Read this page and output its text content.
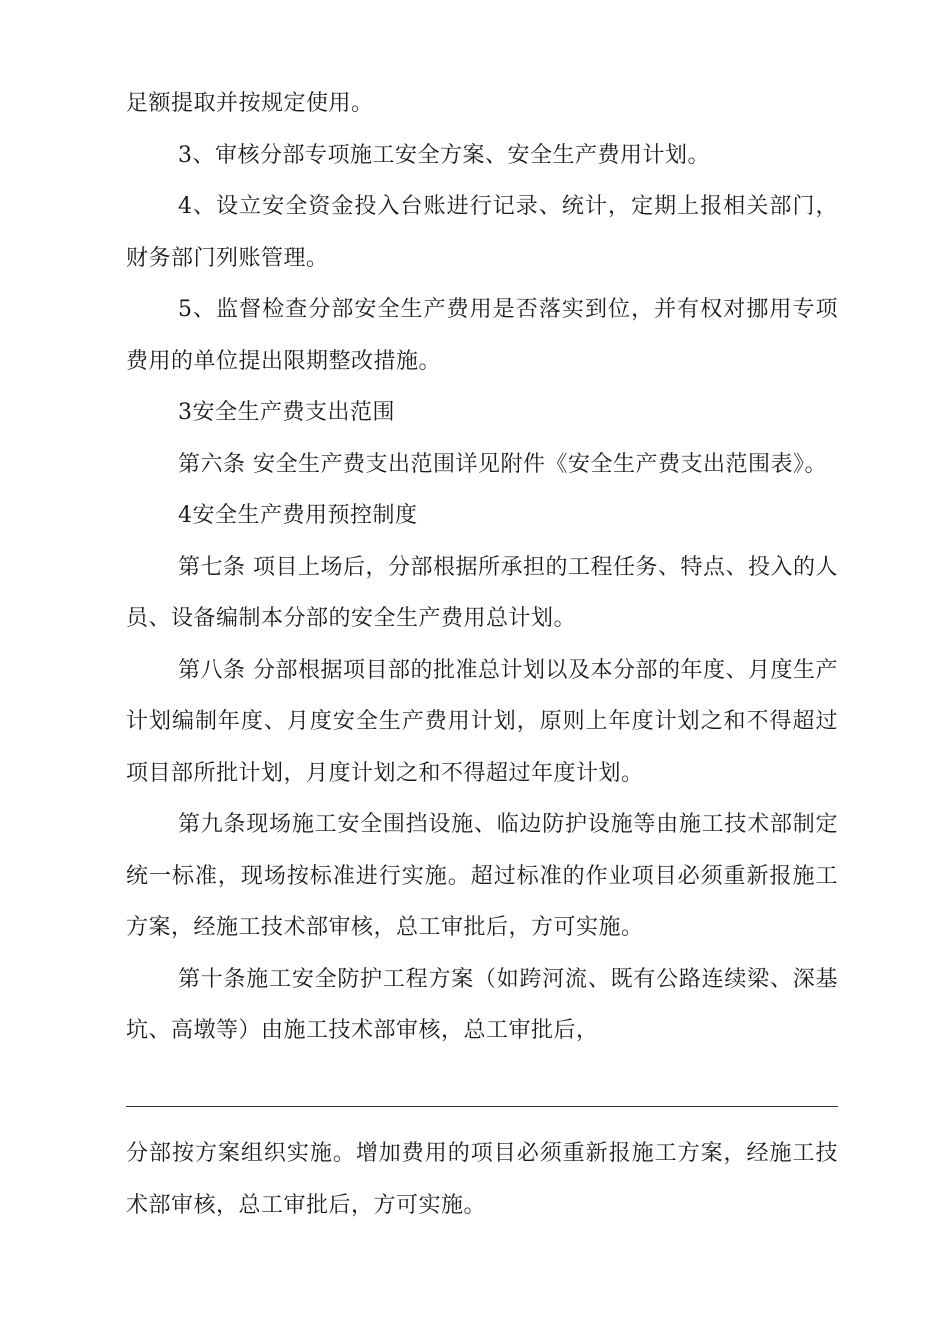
足额提取并按规定使用。

3、审核分部专项施工安全方案、安全生产费用计划。

4、设立安全资金投入台账进行记录、统计，定期上报相关部门，财务部门列账管理。

5、监督检查分部安全生产费用是否落实到位，并有权对挪用专项费用的单位提出限期整改措施。

3安全生产费支出范围

第六条 安全生产费支出范围详见附件《安全生产费支出范围表》。

4安全生产费用预控制度

第七条 项目上场后，分部根据所承担的工程任务、特点、投入的人员、设备编制本分部的安全生产费用总计划。

第八条 分部根据项目部的批准总计划以及本分部的年度、月度生产计划编制年度、月度安全生产费用计划，原则上年度计划之和不得超过项目部所批计划，月度计划之和不得超过年度计划。

第九条现场施工安全围挡设施、临边防护设施等由施工技术部制定统一标准，现场按标准进行实施。超过标准的作业项目必须重新报施工方案，经施工技术部审核，总工审批后，方可实施。

第十条施工安全防护工程方案（如跨河流、既有公路连续梁、深基坑、高墩等）由施工技术部审核，总工审批后，

分部按方案组织实施。增加费用的项目必须重新报施工方案，经施工技术部审核，总工审批后，方可实施。
